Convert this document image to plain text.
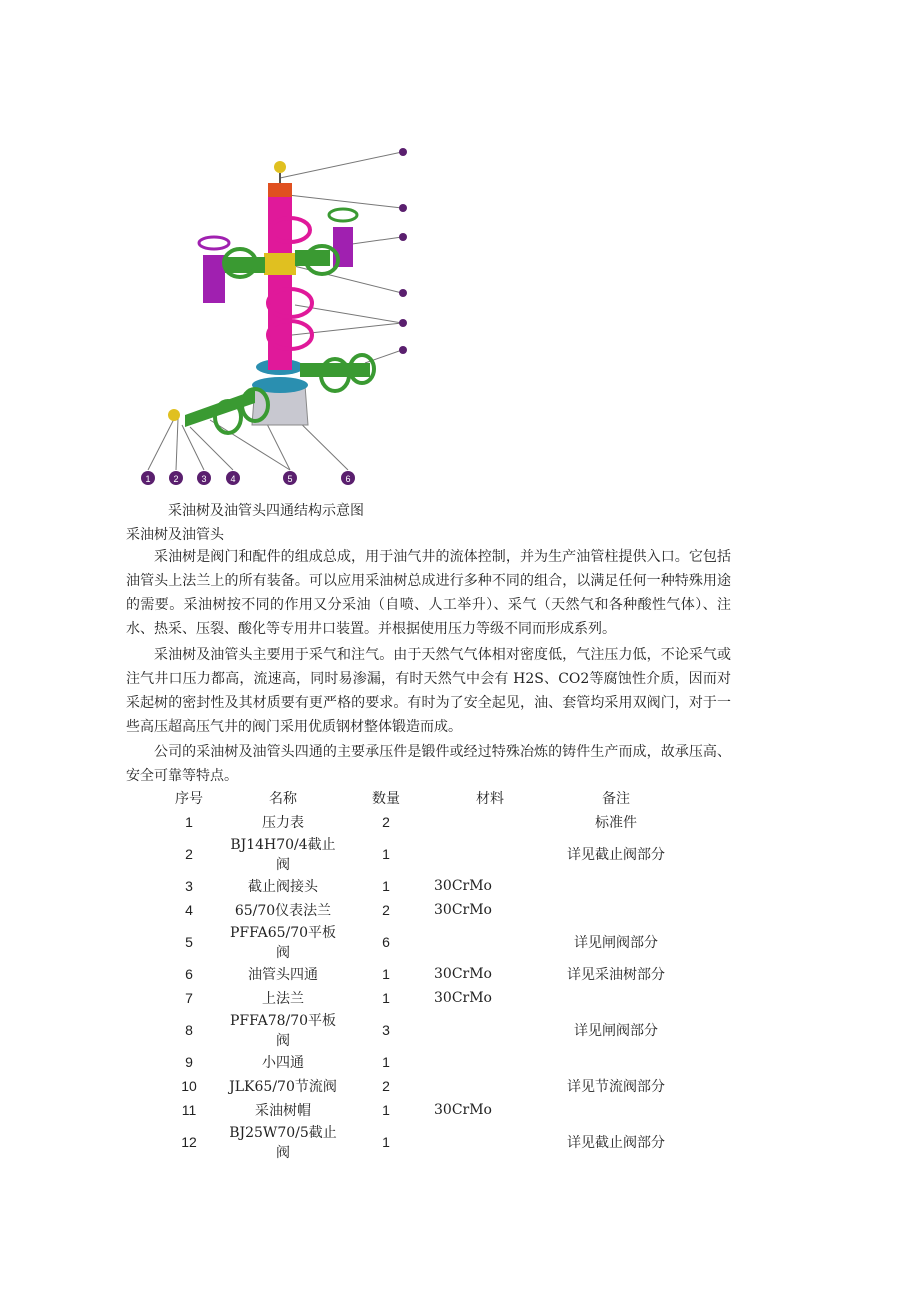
1	2	3	4	5	6
采油树及油管头四通结构示意图
采油树及油管头

采油树是阀门和配件的组成总成，用于油气井的流体控制，并为生产油管柱提供入口。它包括油管头上法兰上的所有装备。可以应用采油树总成进行多种不同的组合，以满足任何一种特殊用途的需要。采油树按不同的作用又分采油（自喷、人工举升）、采气（天然气和各种酸性气体）、注水、热采、压裂、酸化等专用井口装置。并根据使用压力等级不同而形成系列。

采油树及油管头主要用于采气和注气。由于天然气气体相对密度低，气注压力低，不论采气或注气井口压力都高，流速高，同时易渗漏，有时天然气中会有 H2S、CO2等腐蚀性介质，因而对采起树的密封性及其材质要有更严格的要求。有时为了安全起见，油、套管均采用双阀门，对于一些高压超高压气井的阀门采用优质钢材整体锻造而成。

公司的采油树及油管头四通的主要承压件是锻件或经过特殊冶炼的铸件生产而成，故承压高、安全可靠等特点。

序号	名称	数量	材料	备注
1	压力表	2		标准件
2	BJ14H70/4截止阀	1		详见截止阀部分
3	截止阀接头	1	30CrMo	
4	65/70仪表法兰	2	30CrMo	
5	PFFA65/70平板阀	6		详见闸阀部分
6	油管头四通	1	30CrMo	详见采油树部分
7	上法兰	1	30CrMo	
8	PFFA78/70平板阀	3		详见闸阀部分
9	小四通	1		
10	JLK65/70节流阀	2		详见节流阀部分
11	采油树帽	1	30CrMo	
12	BJ25W70/5截止阀	1		详见截止阀部分
